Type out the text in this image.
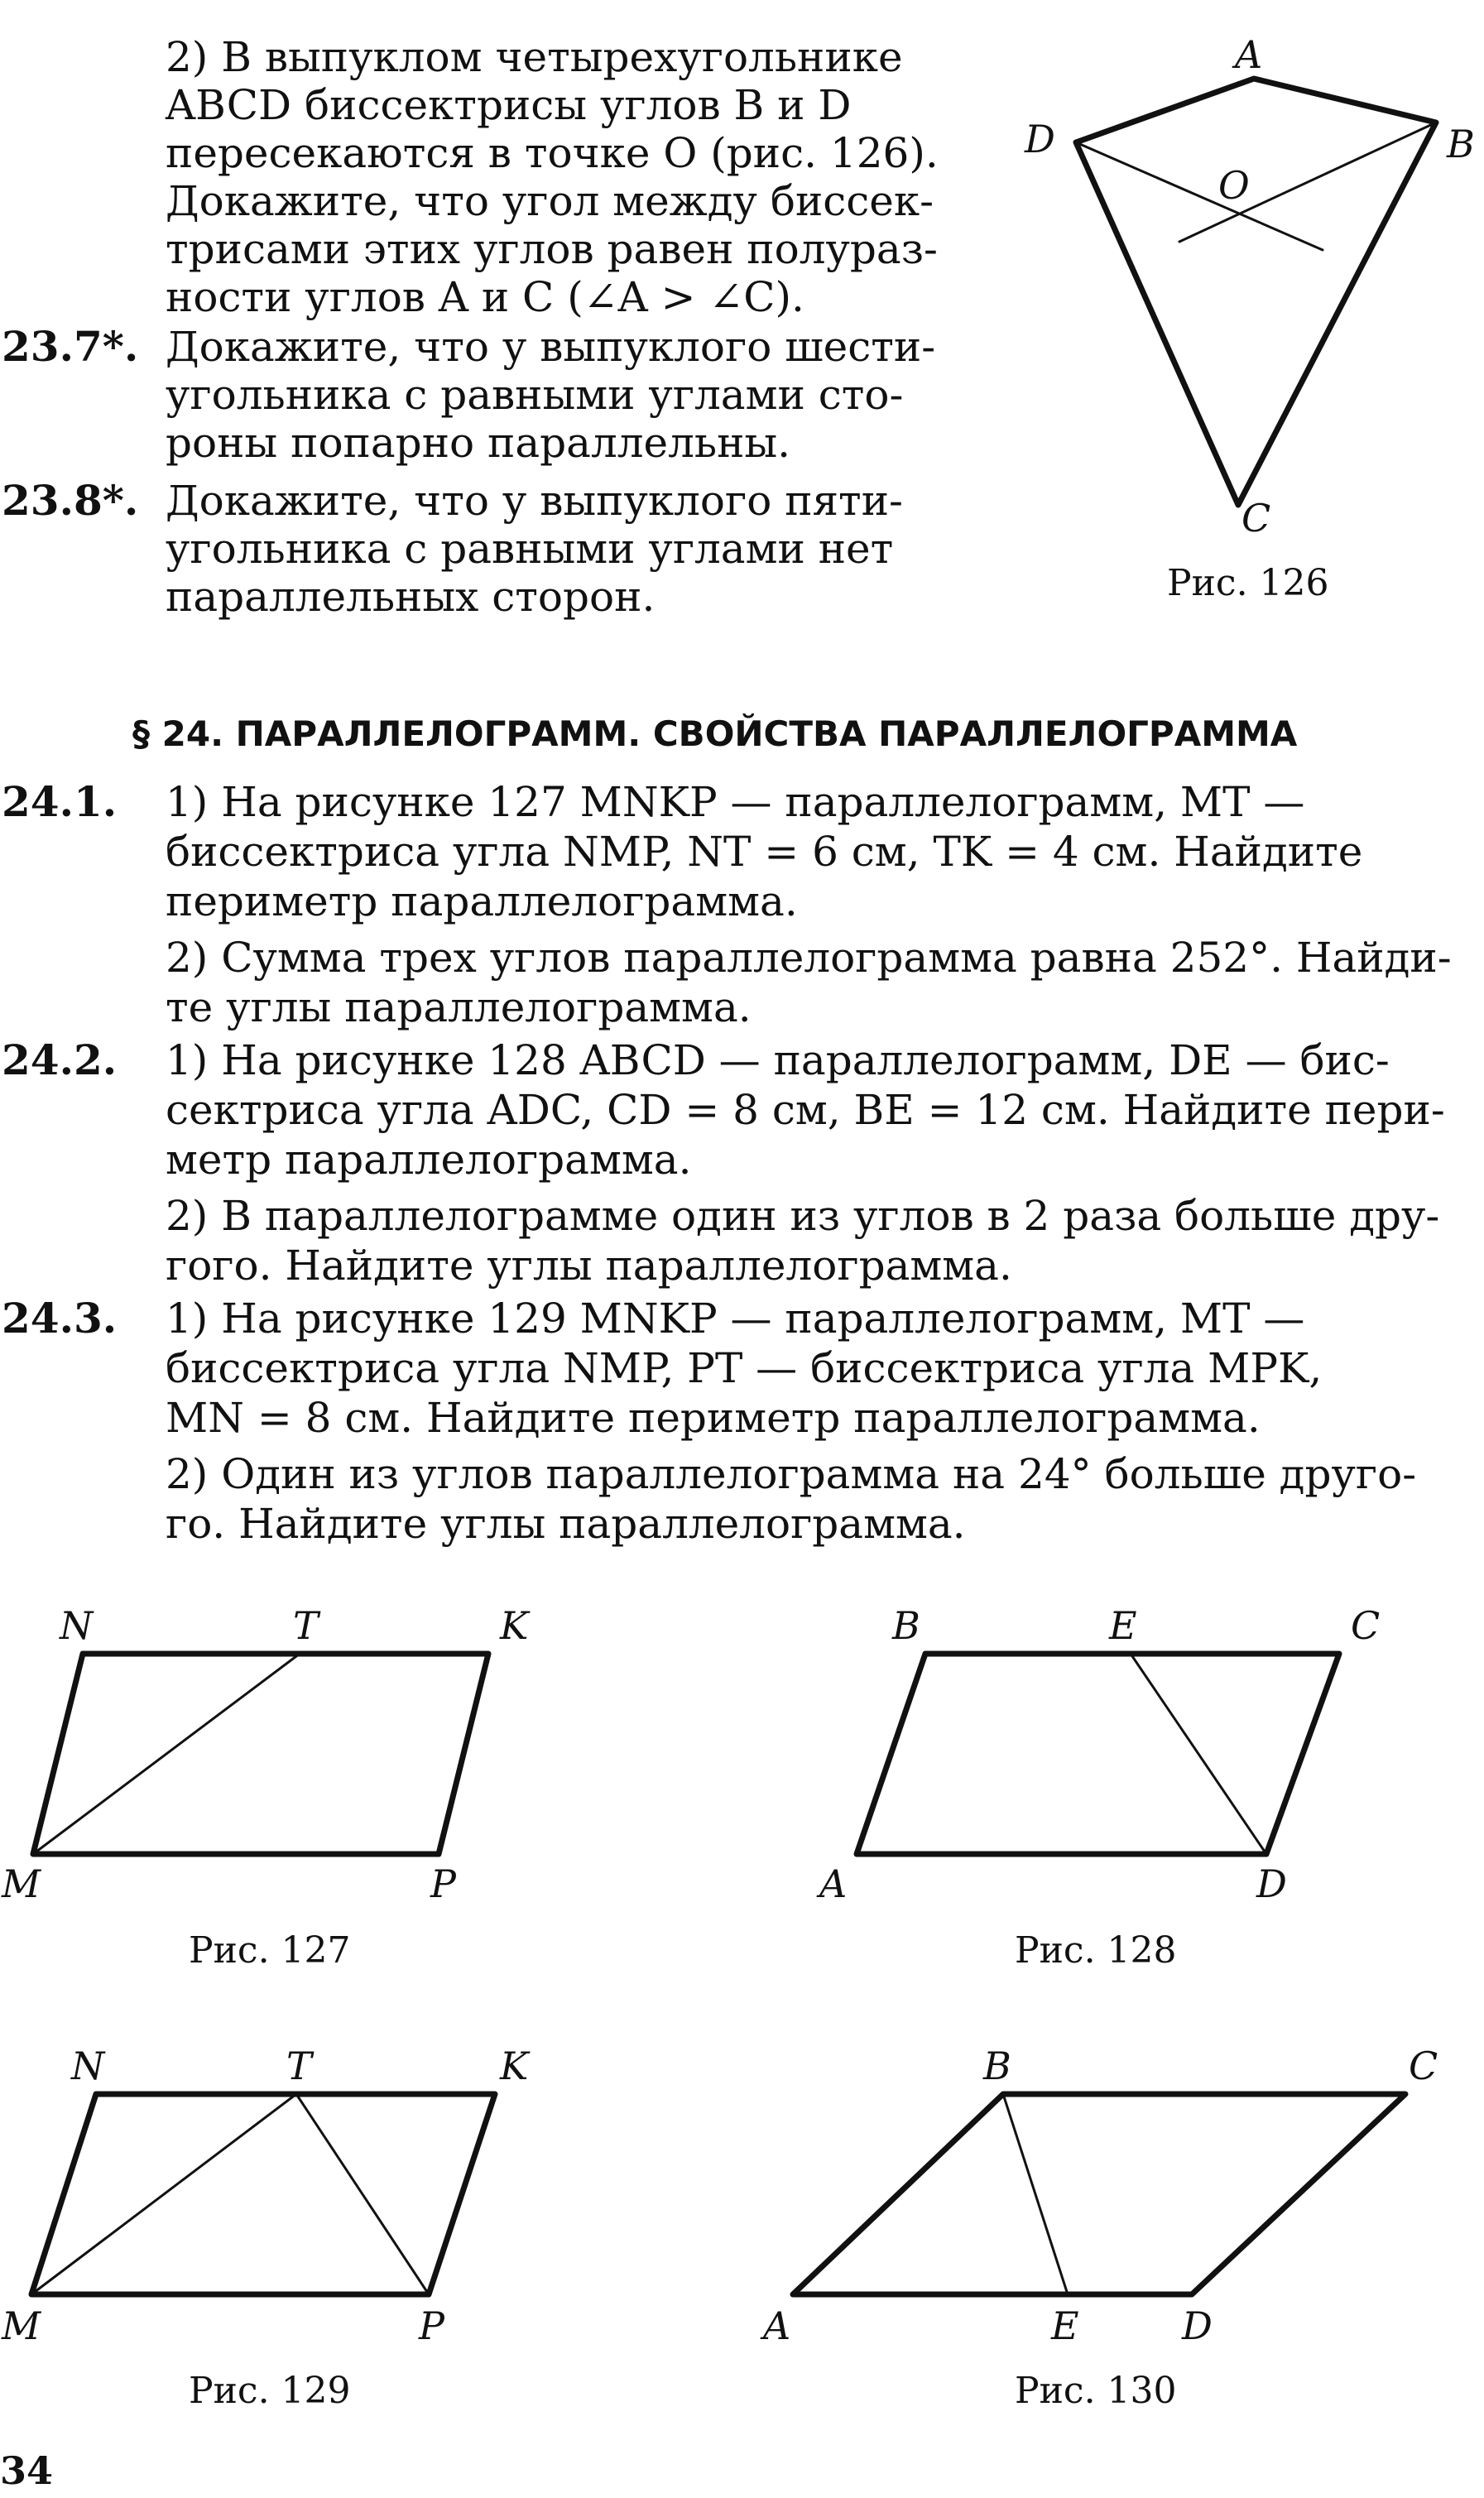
2) В выпуклом четырехугольнике
ABCD биссектрисы углов B и D
пересекаются в точке O (рис. 126).
Докажите, что угол между биссек-
трисами этих углов равен полураз-
ности углов A и C (∠A > ∠C).
23.7*. Докажите, что у выпуклого шести-
угольника с равными углами сто-
роны попарно параллельны.
23.8*. Докажите, что у выпуклого пяти-
угольника с равными углами нет
параллельных сторон.
A
B
C
D
O
Рис. 126
§ 24. ПАРАЛЛЕЛОГРАММ. СВОЙСТВА ПАРАЛЛЕЛОГРАММА
24.1. 1) На рисунке 127 MNKP — параллелограмм, MT —
биссектриса угла NMP, NT = 6 см, TK = 4 см. Найдите
периметр параллелограмма.
2) Сумма трех углов параллелограмма равна 252°. Найди-
те углы параллелограмма.
24.2. 1) На рисунке 128 ABCD — параллелограмм, DE — бис-
сектриса угла ADC, CD = 8 см, BE = 12 см. Найдите пери-
метр параллелограмма.
2) В параллелограмме один из углов в 2 раза больше дру-
гого. Найдите углы параллелограмма.
24.3. 1) На рисунке 129 MNKP — параллелограмм, MT —
биссектриса угла NMP, PT — биссектриса угла MPK,
MN = 8 см. Найдите периметр параллелограмма.
2) Один из углов параллелограмма на 24° больше друго-
го. Найдите углы параллелограмма.
N	T	K
M	P
Рис. 127
B	E	C
A	D
Рис. 128
N	T	K
M	P
Рис. 129
B	C
A	E	D
Рис. 130
34
